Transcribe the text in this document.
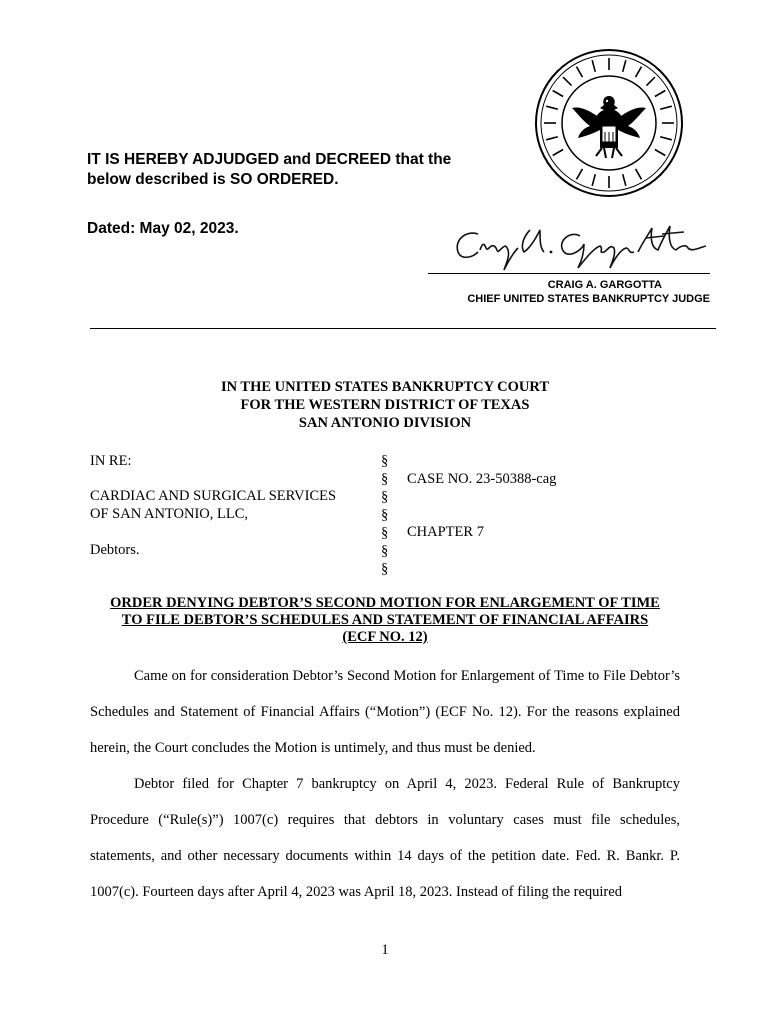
IT IS HEREBY ADJUDGED and DECREED that the
below described is SO ORDERED.
Dated: May 02, 2023.
CRAIG A. GARGOTTA
CHIEF UNITED STATES BANKRUPTCY JUDGE
IN THE UNITED STATES BANKRUPTCY COURT
FOR THE WESTERN DISTRICT OF TEXAS
SAN ANTONIO DIVISION
IN RE:
CARDIAC AND SURGICAL SERVICES
OF SAN ANTONIO, LLC,
Debtors.
§
§
§
§
§
§
§
CASE NO. 23-50388-cag
CHAPTER 7
ORDER DENYING DEBTOR’S SECOND MOTION FOR ENLARGEMENT OF TIME
TO FILE DEBTOR’S SCHEDULES AND STATEMENT OF FINANCIAL AFFAIRS
(ECF NO. 12)

Came on for consideration Debtor’s Second Motion for Enlargement of Time to File Debtor’s Schedules and Statement of Financial Affairs (“Motion”) (ECF No. 12). For the reasons explained herein, the Court concludes the Motion is untimely, and thus must be denied.

Debtor filed for Chapter 7 bankruptcy on April 4, 2023. Federal Rule of Bankruptcy Procedure (“Rule(s)”) 1007(c) requires that debtors in voluntary cases must file schedules, statements, and other necessary documents within 14 days of the petition date. Fed. R. Bankr. P. 1007(c). Fourteen days after April 4, 2023 was April 18, 2023. Instead of filing the required

1
